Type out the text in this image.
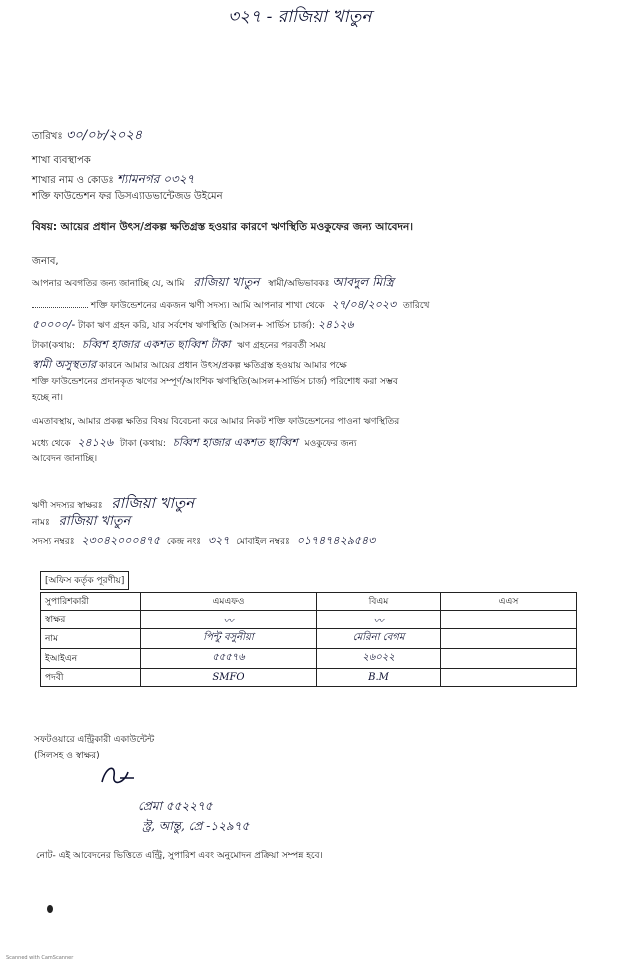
৩২৭ - রাজিয়া খাতুন
তারিখঃ ৩০/০৮/২০২৪
শাখা ব্যবস্থাপক
শাখার নাম ও কোডঃ শ্যামনগর ০৩২৭
শক্তি ফাউন্ডেশন ফর ডিসএ্যাডভান্টেজড উইমেন
বিষয়: আয়ের প্রধান উৎস/প্রকল্প ক্ষতিগ্রস্ত হওয়ার কারণে ঋণস্থিতি মওকুফের জন্য আবেদন।
জনাব,
আপনার অবগতির জন্য জানাচ্ছি যে, আমি রাজিয়া খাতুন স্বামী/অভিভাবকঃ আবদুল মিস্ত্রি
শক্তি ফাউন্ডেশনের একজন ঋণী সদস্য। আমি আপনার শাখা থেকে ২৭/০৪/২০২৩ তারিখে
৫০০০০/- টাকা ঋণ গ্রহন করি, যার সর্বশেষ ঋণস্থিতি (আসল+ সার্ভিস চার্জ): ২৪১২৬
টাকা(কথায়: চব্বিশ হাজার একশত ছাব্বিশ টাকা ঋণ গ্রহনের পরবর্তী সময়
স্বামী অসুস্থতার কারনে আমার আয়ের প্রধান উৎস/প্রকল্প ক্ষতিগ্রস্ত হওয়ায় আমার পক্ষে
শক্তি ফাউন্ডেশনের প্রদানকৃত ঋণের সম্পূর্ণ/আংশিক ঋণস্থিতি(আসল+সার্ভিস চার্জ) পরিশোধ করা সম্ভব
হচ্ছে না।
এমতাবস্থায়, আমার প্রকল্প ক্ষতির বিষয় বিবেচনা করে আমার নিকট শক্তি ফাউন্ডেশনের পাওনা ঋণস্থিতির
মধ্যে থেকে ২৪১২৬ টাকা (কথায়: চব্বিশ হাজার একশত ছাব্বিশ মওকুফের জন্য
আবেদন জানাচ্ছি।
ঋণী সদস্যর স্বাক্ষরঃ রাজিয়া খাতুন
নামঃ রাজিয়া খাতুন
সদস্য নম্বরঃ ২৩০৪২০০০৪৭৫ কেন্দ্র নংঃ ৩২৭ মোবাইল নম্বরঃ ০১৭৪৭৪২৯৫৪৩
[অফিস কর্তৃক পূরণীয়]
সুপারিশকারী	এমএফও	বিএম	এএস
স্বাক্ষর	〰	〰	
নাম	পিন্টু বসুনীয়া	মেরিনা বেগম	
ইআইএন	৫৫৫৭৬	২৬০২২	
পদবী	SMFO	B.M	
সফটওয়ারে এন্ট্রিকারী একাউন্টেন্ট
(সিলসহ ও স্বাক্ষর)
প্রেমা ৫৫২২৭৫
স্ট্র, আন্তু, প্রে -১২৯৭৫
নোট- এই আবেদনের ভিত্তিতে এন্ট্রি, সুপারিশ এবং অনুমোদন প্রক্রিয়া সম্পন্ন হবে।
Scanned with CamScanner
